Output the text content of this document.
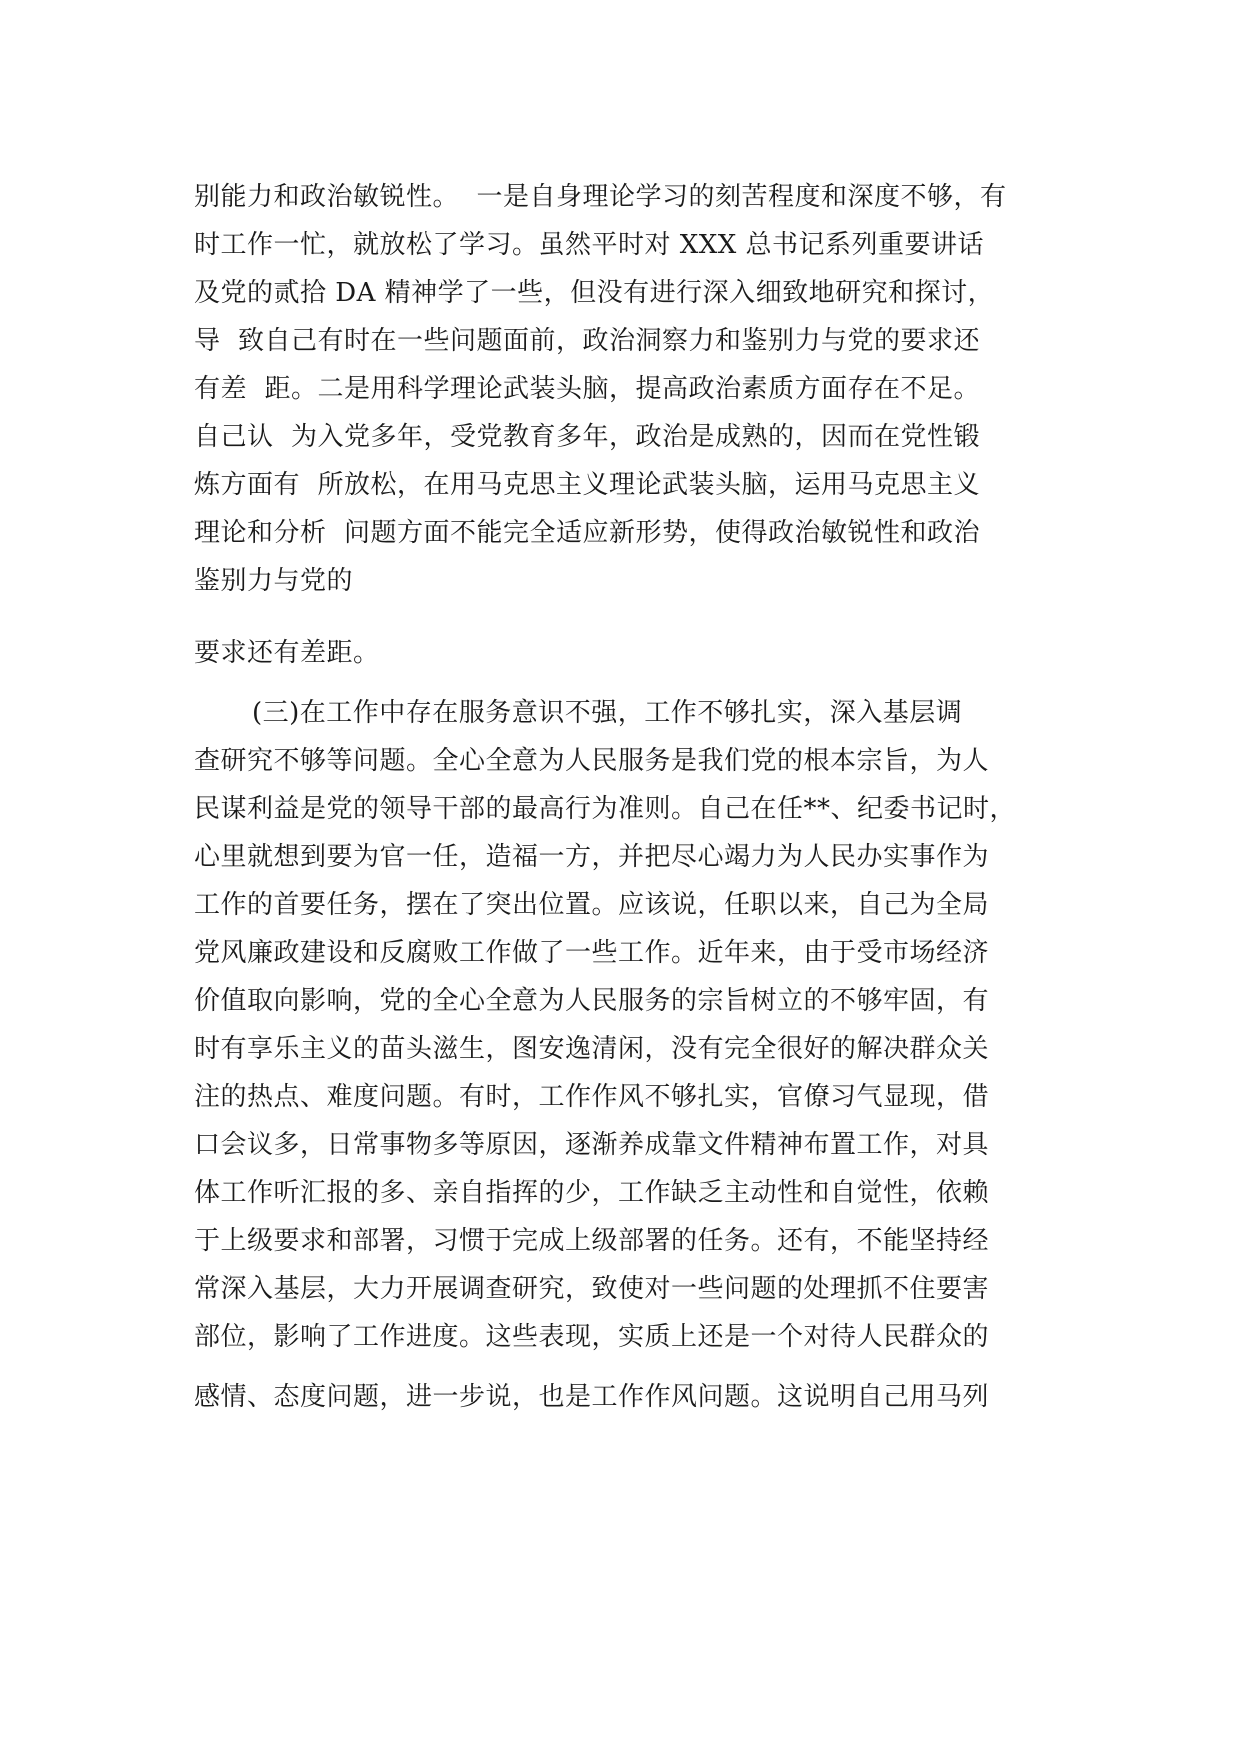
别能力和政治敏锐性。  一是自身理论学习的刻苦程度和深度不够，有
时工作一忙，就放松了学习。虽然平时对 XXX 总书记系列重要讲话
及党的贰拾 DA 精神学了一些，但没有进行深入细致地研究和探讨，
导  致自己有时在一些问题面前，政治洞察力和鉴别力与党的要求还
有差  距。二是用科学理论武装头脑，提高政治素质方面存在不足。
自己认  为入党多年，受党教育多年，政治是成熟的，因而在党性锻
炼方面有  所放松，在用马克思主义理论武装头脑，运用马克思主义
理论和分析  问题方面不能完全适应新形势，使得政治敏锐性和政治
鉴别力与党的
要求还有差距。
(三)在工作中存在服务意识不强，工作不够扎实，深入基层调
查研究不够等问题。全心全意为人民服务是我们党的根本宗旨，为人
民谋利益是党的领导干部的最高行为准则。自己在任**、纪委书记时，
心里就想到要为官一任，造福一方，并把尽心竭力为人民办实事作为
工作的首要任务，摆在了突出位置。应该说，任职以来，自己为全局
党风廉政建设和反腐败工作做了一些工作。近年来，由于受市场经济
价值取向影响，党的全心全意为人民服务的宗旨树立的不够牢固，有
时有享乐主义的苗头滋生，图安逸清闲，没有完全很好的解决群众关
注的热点、难度问题。有时，工作作风不够扎实，官僚习气显现，借
口会议多，日常事物多等原因，逐渐养成靠文件精神布置工作，对具
体工作听汇报的多、亲自指挥的少，工作缺乏主动性和自觉性，依赖
于上级要求和部署，习惯于完成上级部署的任务。还有，不能坚持经
常深入基层，大力开展调查研究，致使对一些问题的处理抓不住要害
部位，影响了工作进度。这些表现，实质上还是一个对待人民群众的
感情、态度问题，进一步说，也是工作作风问题。这说明自己用马列
